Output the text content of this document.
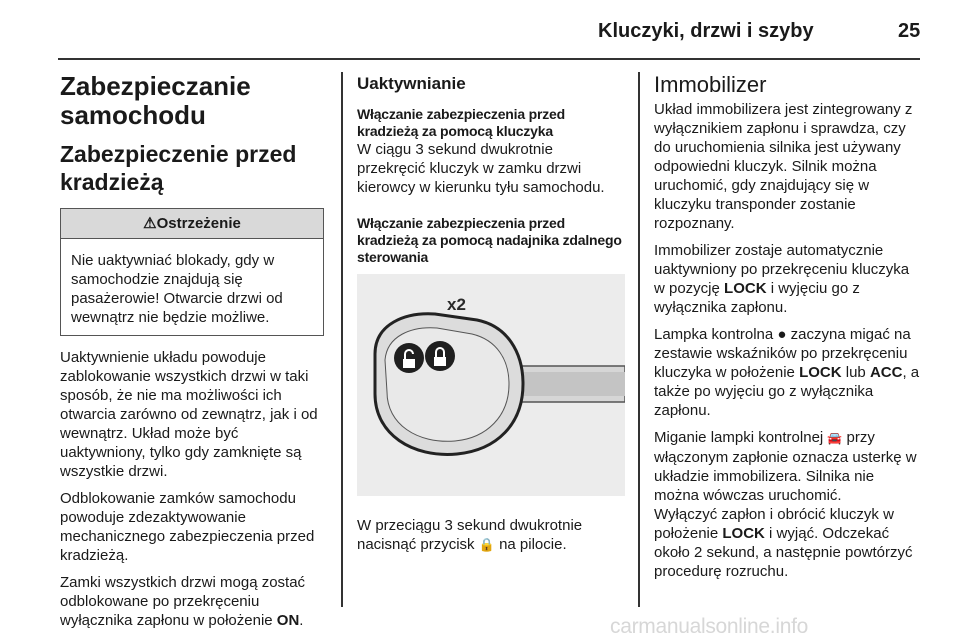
Kluczyki, drzwi i szyby	25
Zabezpieczanie samochodu
Zabezpieczenie przed kradzieżą
⚠Ostrzeżenie
Nie uaktywniać blokady, gdy w samochodzie znajdują się pasażerowie! Otwarcie drzwi od wewnątrz nie będzie możliwe.

Uaktywnienie układu powoduje zablokowanie wszystkich drzwi w taki sposób, że nie ma możliwości ich otwarcia zarówno od zewnątrz, jak i od wewnątrz. Układ może być uaktywniony, tylko gdy zamknięte są wszystkie drzwi.

Odblokowanie zamków samochodu powoduje zdezaktywowanie mechanicznego zabezpieczenia przed kradzieżą.

Zamki wszystkich drzwi mogą zostać odblokowane po przekręceniu wyłącznika zapłonu w położenie ON.

Uaktywnianie
Włączanie zabezpieczenia przed kradzieżą za pomocą kluczyka

W ciągu 3 sekund dwukrotnie przekręcić kluczyk w zamku drzwi kierowcy w kierunku tyłu samochodu.

Włączanie zabezpieczenia przed kradzieżą za pomocą nadajnika zdalnego sterowania
x2

W przeciągu 3 sekund dwukrotnie nacisnąć przycisk 🔒 na pilocie.

Immobilizer

Układ immobilizera jest zintegrowany z wyłącznikiem zapłonu i sprawdza, czy do uruchomienia silnika jest używany odpowiedni kluczyk. Silnik można uruchomić, gdy znajdujący się w kluczyku transponder zostanie rozpoznany.

Immobilizer zostaje automatycznie uaktywniony po przekręceniu kluczyka w pozycję LOCK i wyjęciu go z wyłącznika zapłonu.

Lampka kontrolna ● zaczyna migać na zestawie wskaźników po przekręceniu kluczyka w położenie LOCK lub ACC, a także po wyjęciu go z wyłącznika zapłonu.

Miganie lampki kontrolnej 🚘 przy włączonym zapłonie oznacza usterkę w układzie immobilizera. Silnika nie można wówczas uruchomić.

Wyłączyć zapłon i obrócić kluczyk w położenie LOCK i wyjąć. Odczekać około 2 sekund, a następnie powtórzyć procedurę rozruchu.

carmanualsonline.info
